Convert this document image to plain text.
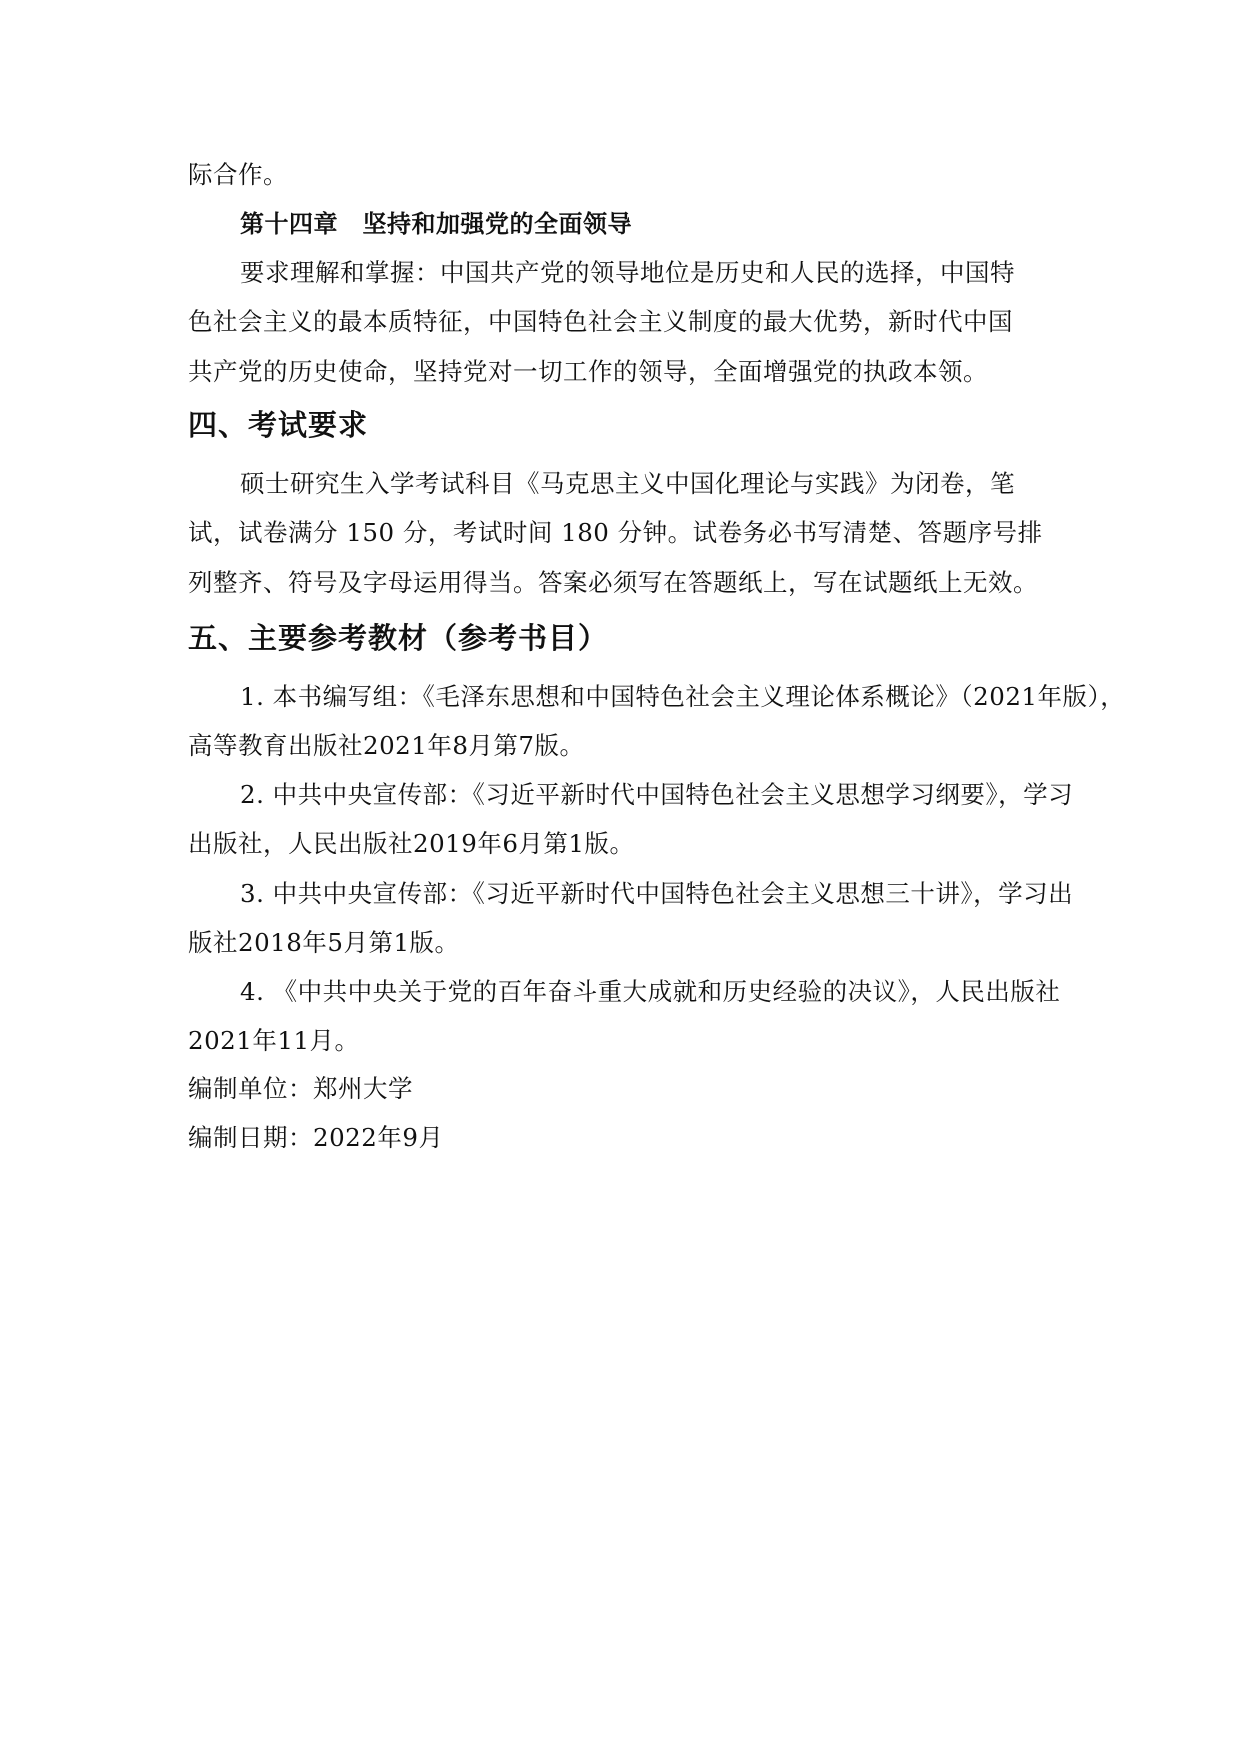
际合作。
第十四章　坚持和加强党的全面领导
要求理解和掌握：中国共产党的领导地位是历史和人民的选择，中国特
色社会主义的最本质特征，中国特色社会主义制度的最大优势，新时代中国
共产党的历史使命，坚持党对一切工作的领导，全面增强党的执政本领。
四、考试要求
硕士研究生入学考试科目《马克思主义中国化理论与实践》为闭卷，笔
试，试卷满分 150 分，考试时间 180 分钟。试卷务必书写清楚、答题序号排
列整齐、符号及字母运用得当。答案必须写在答题纸上，写在试题纸上无效。
五、主要参考教材（参考书目）
1. 本书编写组：《毛泽东思想和中国特色社会主义理论体系概论》（2021年版），
高等教育出版社2021年8月第7版。
2. 中共中央宣传部：《习近平新时代中国特色社会主义思想学习纲要》，学习
出版社，人民出版社2019年6月第1版。
3. 中共中央宣传部：《习近平新时代中国特色社会主义思想三十讲》，学习出
版社2018年5月第1版。
4. 《中共中央关于党的百年奋斗重大成就和历史经验的决议》，人民出版社
2021年11月。
编制单位：郑州大学
编制日期：2022年9月
